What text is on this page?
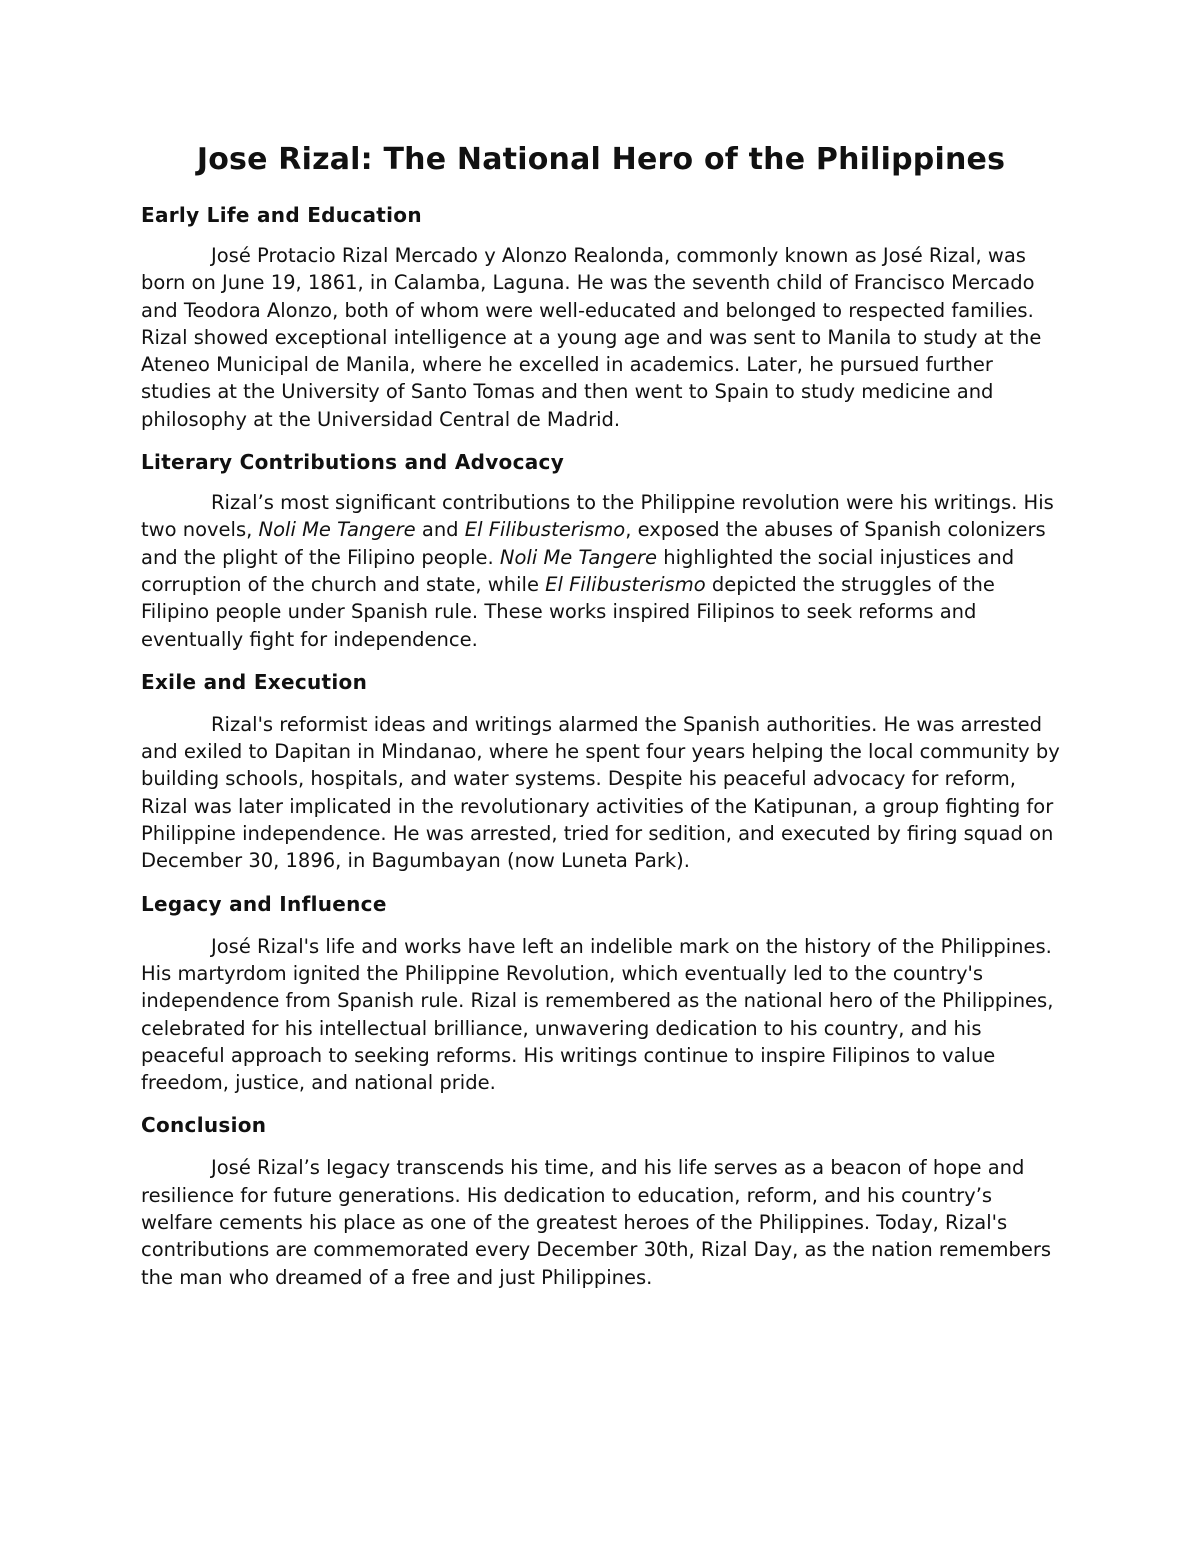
Jose Rizal: The National Hero of the Philippines
Early Life and Education

José Protacio Rizal Mercado y Alonzo Realonda, commonly known as José Rizal, was born on June 19, 1861, in Calamba, Laguna. He was the seventh child of Francisco Mercado and Teodora Alonzo, both of whom were well-educated and belonged to respected families. Rizal showed exceptional intelligence at a young age and was sent to Manila to study at the Ateneo Municipal de Manila, where he excelled in academics. Later, he pursued further studies at the University of Santo Tomas and then went to Spain to study medicine and philosophy at the Universidad Central de Madrid.

Literary Contributions and Advocacy

Rizal’s most significant contributions to the Philippine revolution were his writings. His two novels, Noli Me Tangere and El Filibusterismo, exposed the abuses of Spanish colonizers and the plight of the Filipino people. Noli Me Tangere highlighted the social injustices and corruption of the church and state, while El Filibusterismo depicted the struggles of the Filipino people under Spanish rule. These works inspired Filipinos to seek reforms and eventually fight for independence.

Exile and Execution

Rizal's reformist ideas and writings alarmed the Spanish authorities. He was arrested and exiled to Dapitan in Mindanao, where he spent four years helping the local community by building schools, hospitals, and water systems. Despite his peaceful advocacy for reform, Rizal was later implicated in the revolutionary activities of the Katipunan, a group fighting for Philippine independence. He was arrested, tried for sedition, and executed by firing squad on December 30, 1896, in Bagumbayan (now Luneta Park).

Legacy and Influence

José Rizal's life and works have left an indelible mark on the history of the Philippines. His martyrdom ignited the Philippine Revolution, which eventually led to the country's independence from Spanish rule. Rizal is remembered as the national hero of the Philippines, celebrated for his intellectual brilliance, unwavering dedication to his country, and his peaceful approach to seeking reforms. His writings continue to inspire Filipinos to value freedom, justice, and national pride.

Conclusion

José Rizal’s legacy transcends his time, and his life serves as a beacon of hope and resilience for future generations. His dedication to education, reform, and his country’s welfare cements his place as one of the greatest heroes of the Philippines. Today, Rizal's contributions are commemorated every December 30th, Rizal Day, as the nation remembers the man who dreamed of a free and just Philippines.
